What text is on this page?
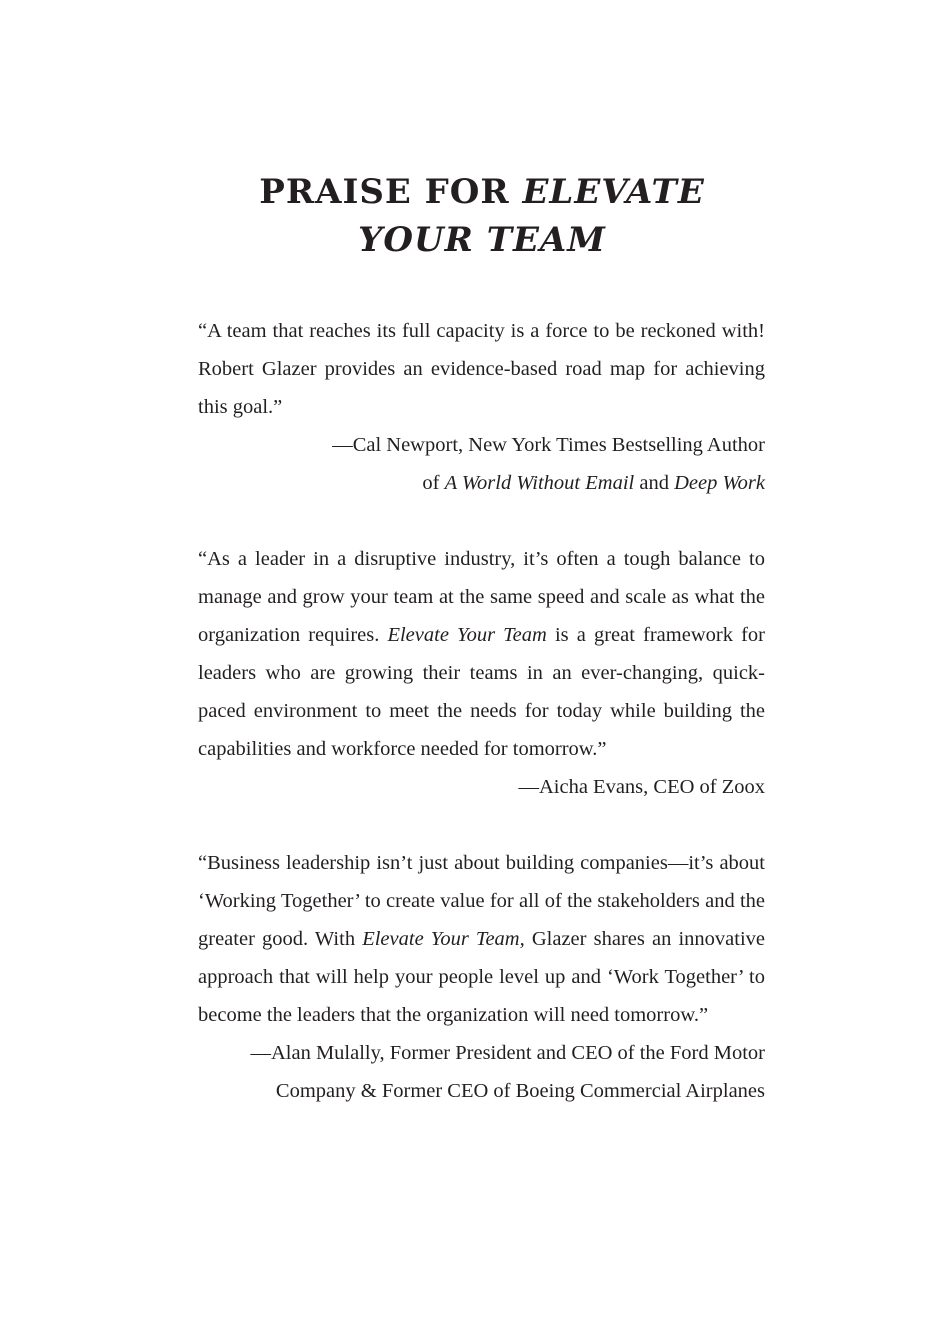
PRAISE FOR ELEVATE
YOUR TEAM

“A team that reaches its full capacity is a force to be reckoned with! Robert Glazer provides an evidence-based road map for achieving this goal.”

—Cal Newport, New York Times Bestselling Author
of A World Without Email and Deep Work

“As a leader in a disruptive industry, it’s often a tough balance to manage and grow your team at the same speed and scale as what the organization requires. Elevate Your Team is a great framework for leaders who are growing their teams in an ever-changing, quick-paced environment to meet the needs for today while building the capabilities and workforce needed for tomorrow.”

—Aicha Evans, CEO of Zoox

“Business leadership isn’t just about building companies—it’s about ‘Working Together’ to create value for all of the stakeholders and the greater good. With Elevate Your Team, Glazer shares an innovative approach that will help your people level up and ‘Work Together’ to become the leaders that the organization will need tomorrow.”

—Alan Mulally, Former President and CEO of the Ford Motor
Company & Former CEO of Boeing Commercial Airplanes
